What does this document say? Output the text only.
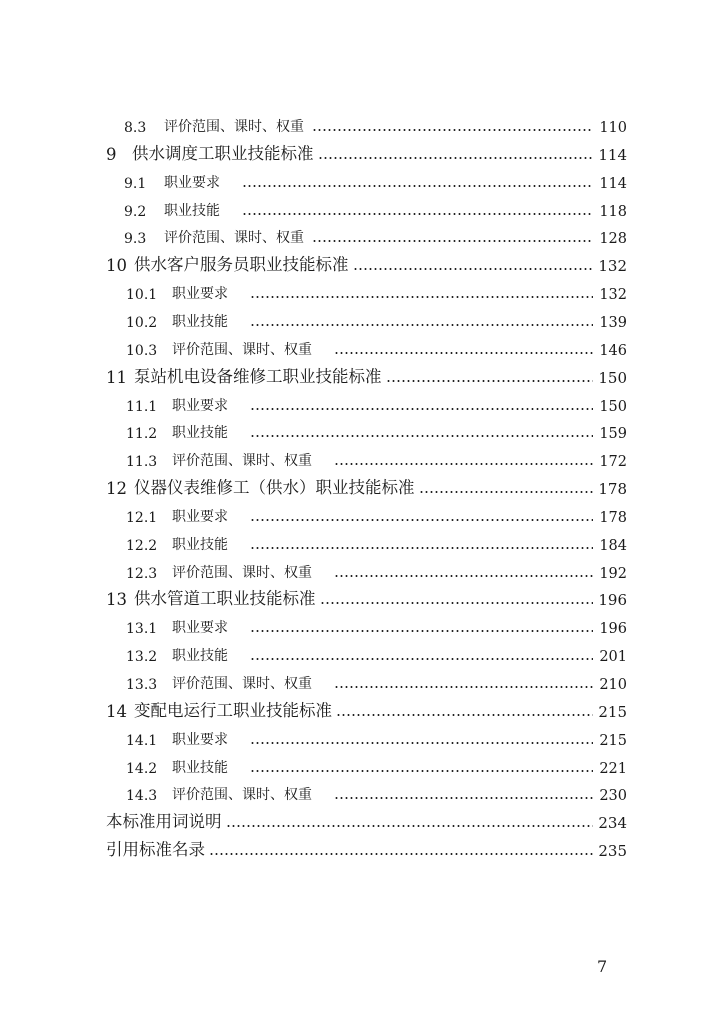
8.3	评价范围、课时、权重	110
9 供水调度工职业技能标准	114
9.1	职业要求	114
9.2	职业技能	118
9.3	评价范围、课时、权重	128
10 供水客户服务员职业技能标准	132
10.1	职业要求	132
10.2	职业技能	139
10.3	评价范围、课时、权重	146
11 泵站机电设备维修工职业技能标准	150
11.1	职业要求	150
11.2	职业技能	159
11.3	评价范围、课时、权重	172
12 仪器仪表维修工（供水）职业技能标准	178
12.1	职业要求	178
12.2	职业技能	184
12.3	评价范围、课时、权重	192
13 供水管道工职业技能标准	196
13.1	职业要求	196
13.2	职业技能	201
13.3	评价范围、课时、权重	210
14 变配电运行工职业技能标准	215
14.1	职业要求	215
14.2	职业技能	221
14.3	评价范围、课时、权重	230
本标准用词说明	234
引用标准名录	235
7
